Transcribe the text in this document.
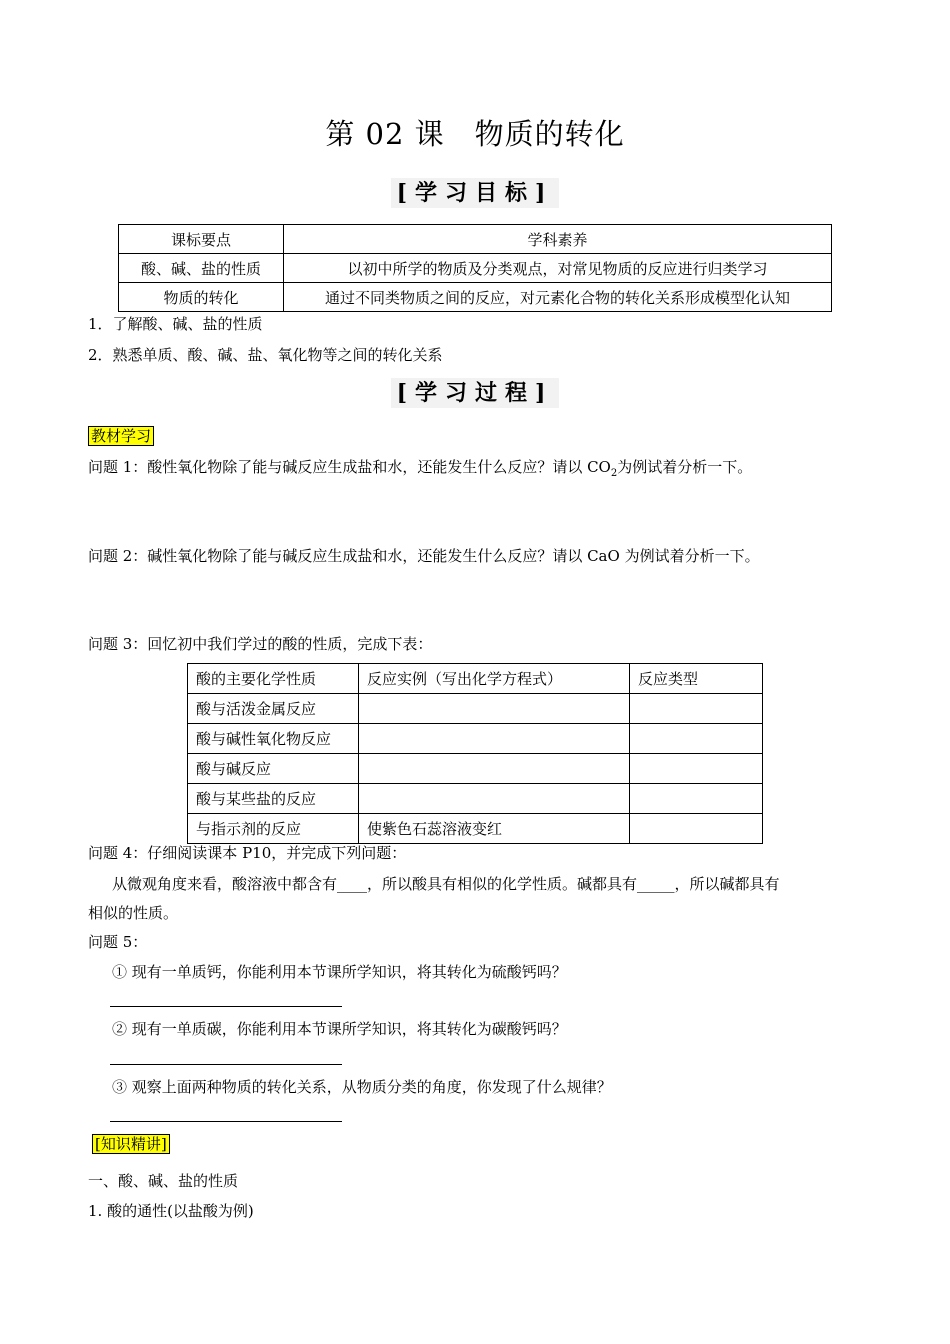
第 02 课　物质的转化
[学习目标]
课标要点	学科素养
酸、碱、盐的性质	以初中所学的物质及分类观点，对常见物质的反应进行归类学习
物质的转化	通过不同类物质之间的反应，对元素化合物的转化关系形成模型化认知
1．了解酸、碱、盐的性质
2．熟悉单质、酸、碱、盐、氧化物等之间的转化关系
[学习过程]
教材学习
问题 1：酸性氧化物除了能与碱反应生成盐和水，还能发生什么反应？请以 $CO_2$为例试着分析一下。
问题 2：碱性氧化物除了能与碱反应生成盐和水，还能发生什么反应？请以 CaO 为例试着分析一下。
问题 3：回忆初中我们学过的酸的性质，完成下表：
酸的主要化学性质	反应实例（写出化学方程式）	反应类型
酸与活泼金属反应		
酸与碱性氧化物反应		
酸与碱反应		
酸与某些盐的反应		
与指示剂的反应	使紫色石蕊溶液变红	
问题 4：仔细阅读课本 P10，并完成下列问题：
从微观角度来看，酸溶液中都含有____，所以酸具有相似的化学性质。碱都具有_____，所以碱都具有
相似的性质。
问题 5：
① 现有一单质钙，你能利用本节课所学知识，将其转化为硫酸钙吗？
② 现有一单质碳，你能利用本节课所学知识，将其转化为碳酸钙吗？
③ 观察上面两种物质的转化关系，从物质分类的角度，你发现了什么规律？
[知识精讲]
一、酸、碱、盐的性质
1. 酸的通性(以盐酸为例)
